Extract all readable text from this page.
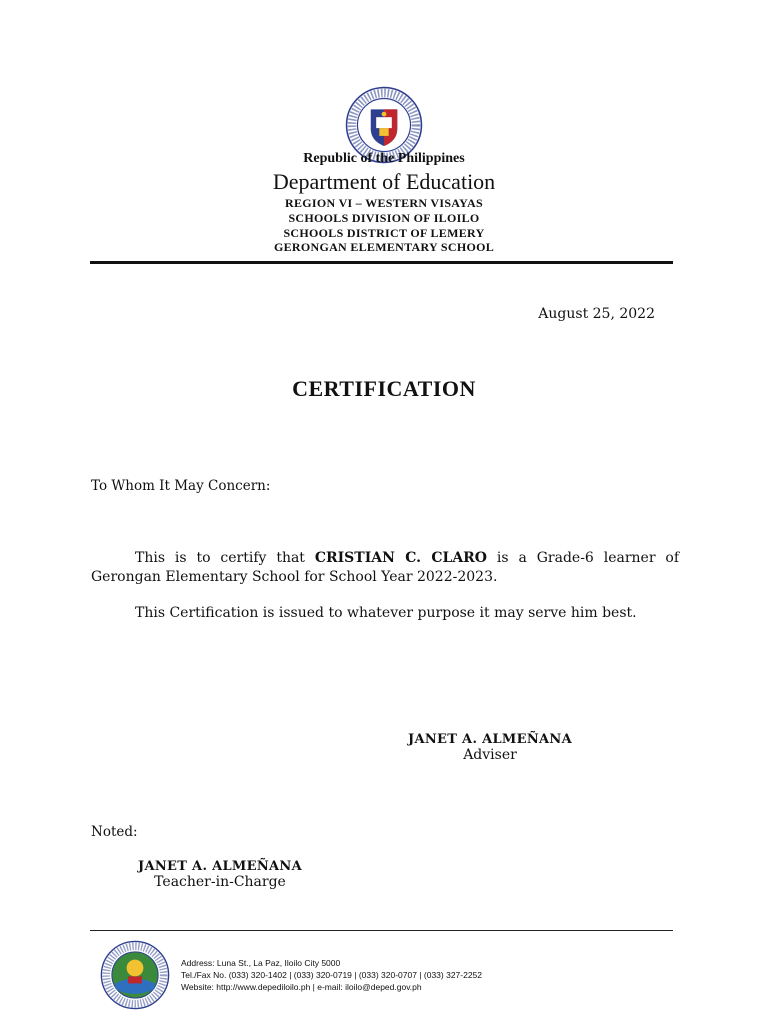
Republic of the Philippines
Department of Education
REGION VI – WESTERN VISAYAS
SCHOOLS DIVISION OF ILOILO
SCHOOLS DISTRICT OF LEMERY
GERONGAN ELEMENTARY SCHOOL
August 25, 2022
CERTIFICATION
To Whom It May Concern:
This is to certify that CRISTIAN C. CLARO is a Grade-6 learner of Gerongan Elementary School for School Year 2022-2023.
This Certification is issued to whatever purpose it may serve him best.
JANET A. ALMEÑANA
Adviser
Noted:
JANET A. ALMEÑANA
Teacher-in-Charge
Address: Luna St., La Paz, Iloilo City 5000
Tel./Fax No. (033) 320-1402 | (033) 320-0719 | (033) 320-0707 | (033) 327-2252
Website: http://www.depediloilo.ph | e-mail: iloilo@deped.gov.ph
